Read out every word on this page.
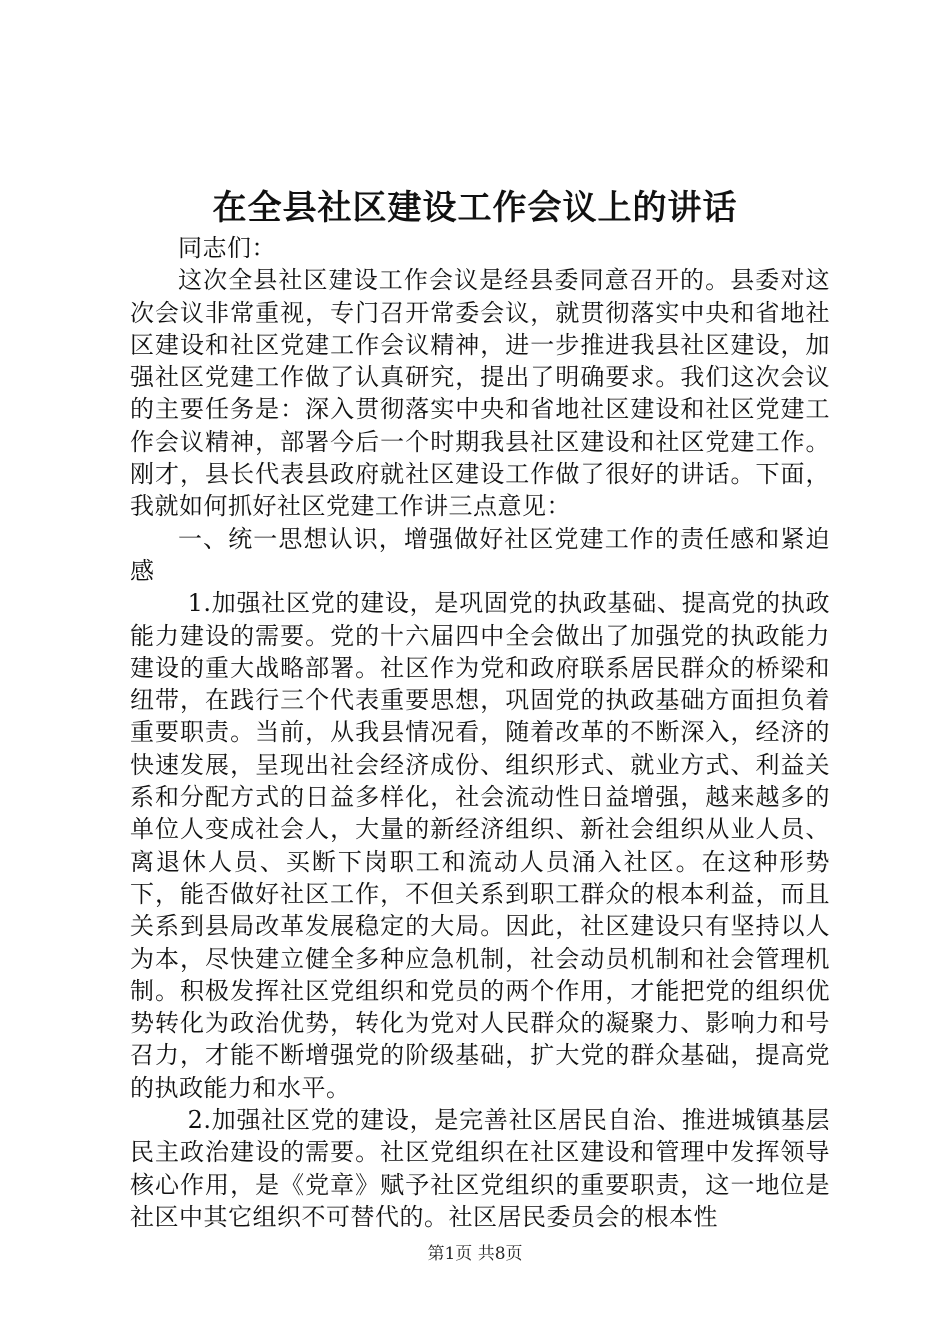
在全县社区建设工作会议上的讲话

同志们：

这次全县社区建设工作会议是经县委同意召开的。县委对这次会议非常重视，专门召开常委会议，就贯彻落实中央和省地社区建设和社区党建工作会议精神，进一步推进我县社区建设，加强社区党建工作做了认真研究，提出了明确要求。我们这次会议的主要任务是：深入贯彻落实中央和省地社区建设和社区党建工作会议精神，部署今后一个时期我县社区建设和社区党建工作。刚才，县长代表县政府就社区建设工作做了很好的讲话。下面，我就如何抓好社区党建工作讲三点意见：

一、统一思想认识，增强做好社区党建工作的责任感和紧迫感

1.加强社区党的建设，是巩固党的执政基础、提高党的执政能力建设的需要。党的十六届四中全会做出了加强党的执政能力建设的重大战略部署。社区作为党和政府联系居民群众的桥梁和纽带，在践行三个代表重要思想，巩固党的执政基础方面担负着重要职责。当前，从我县情况看，随着改革的不断深入，经济的快速发展，呈现出社会经济成份、组织形式、就业方式、利益关系和分配方式的日益多样化，社会流动性日益增强，越来越多的单位人变成社会人，大量的新经济组织、新社会组织从业人员、离退休人员、买断下岗职工和流动人员涌入社区。在这种形势下，能否做好社区工作，不但关系到职工群众的根本利益，而且关系到县局改革发展稳定的大局。因此，社区建设只有坚持以人为本，尽快建立健全多种应急机制，社会动员机制和社会管理机制。积极发挥社区党组织和党员的两个作用，才能把党的组织优势转化为政治优势，转化为党对人民群众的凝聚力、影响力和号召力，才能不断增强党的阶级基础，扩大党的群众基础，提高党的执政能力和水平。

2.加强社区党的建设，是完善社区居民自治、推进城镇基层民主政治建设的需要。社区党组织在社区建设和管理中发挥领导核心作用，是《党章》赋予社区党组织的重要职责，这一地位是社区中其它组织不可替代的。社区居民委员会的根本性

第1页 共8页
